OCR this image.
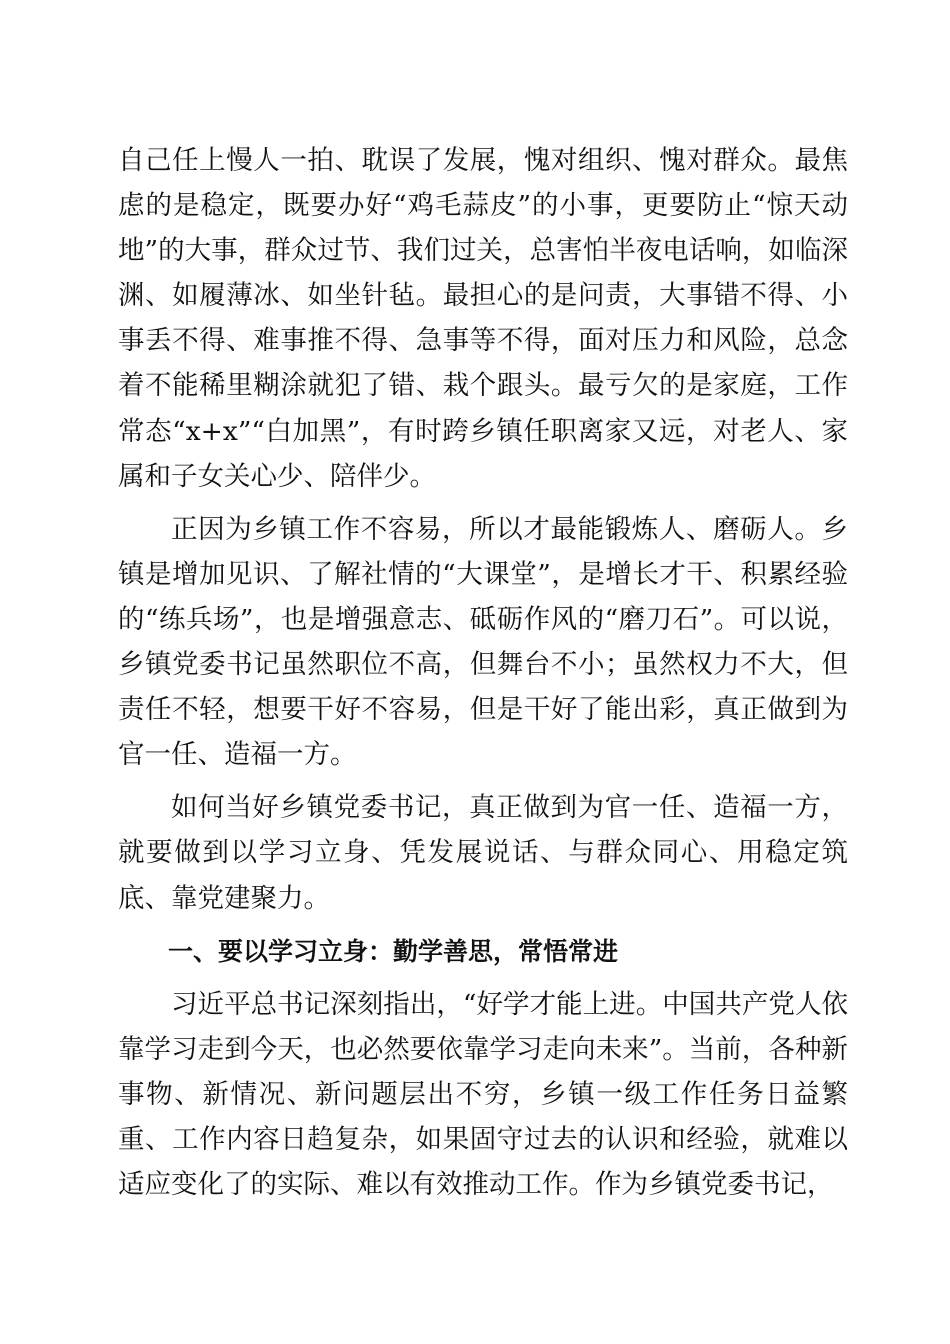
自己任上慢人一拍、耽误了发展，愧对组织、愧对群众。最焦虑的是稳定，既要办好“鸡毛蒜皮”的小事，更要防止“惊天动地”的大事，群众过节、我们过关，总害怕半夜电话响，如临深渊、如履薄冰、如坐针毡。最担心的是问责，大事错不得、小事丢不得、难事推不得、急事等不得，面对压力和风险，总念着不能稀里糊涂就犯了错、栽个跟头。最亏欠的是家庭，工作常态“x+x”“白加黑”，有时跨乡镇任职离家又远，对老人、家属和子女关心少、陪伴少。

正因为乡镇工作不容易，所以才最能锻炼人、磨砺人。乡镇是增加见识、了解社情的“大课堂”，是增长才干、积累经验的“练兵场”，也是增强意志、砥砺作风的“磨刀石”。可以说，乡镇党委书记虽然职位不高，但舞台不小；虽然权力不大，但责任不轻，想要干好不容易，但是干好了能出彩，真正做到为官一任、造福一方。

如何当好乡镇党委书记，真正做到为官一任、造福一方，就要做到以学习立身、凭发展说话、与群众同心、用稳定筑底、靠党建聚力。

一、要以学习立身：勤学善思，常悟常进

习近平总书记深刻指出，“好学才能上进。中国共产党人依靠学习走到今天，也必然要依靠学习走向未来”。当前，各种新事物、新情况、新问题层出不穷，乡镇一级工作任务日益繁重、工作内容日趋复杂，如果固守过去的认识和经验，就难以适应变化了的实际、难以有效推动工作。作为乡镇党委书记，
